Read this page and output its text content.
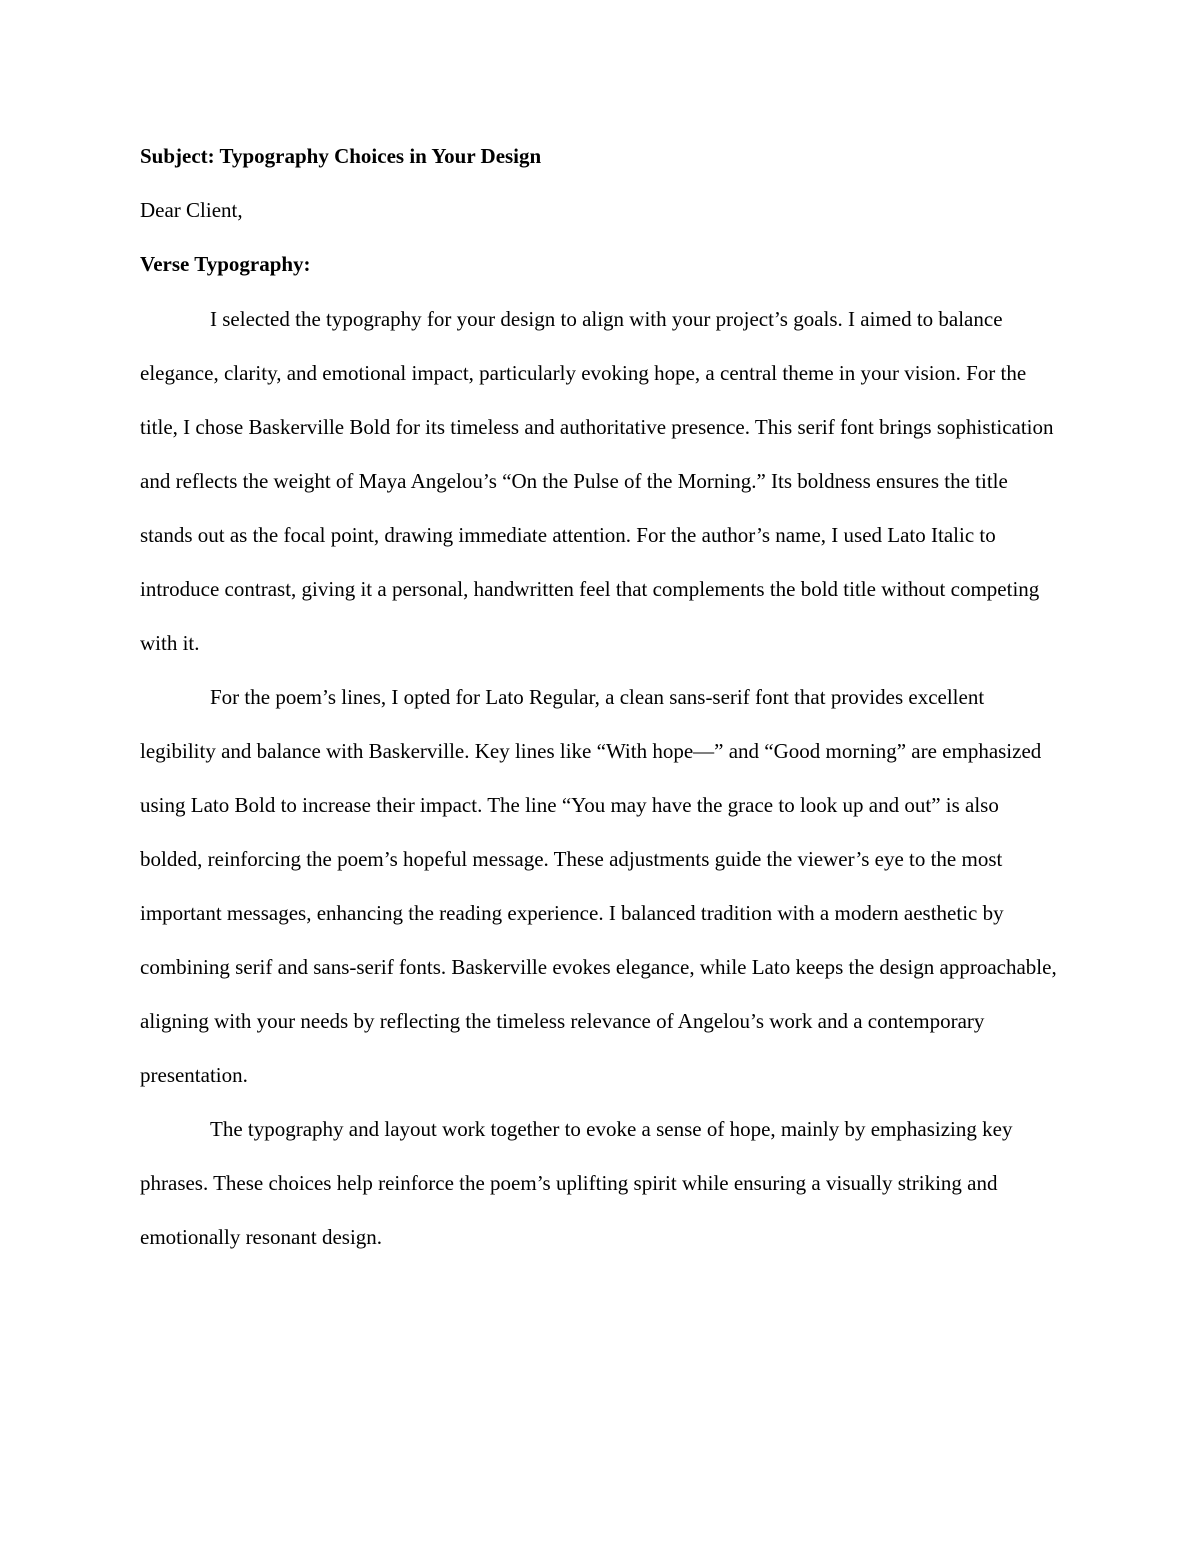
Subject: Typography Choices in Your Design

Dear Client,

Verse Typography:

I selected the typography for your design to align with your project’s goals. I aimed to balance elegance, clarity, and emotional impact, particularly evoking hope, a central theme in your vision. For the title, I chose Baskerville Bold for its timeless and authoritative presence. This serif font brings sophistication and reflects the weight of Maya Angelou’s “On the Pulse of the Morning.” Its boldness ensures the title stands out as the focal point, drawing immediate attention. For the author’s name, I used Lato Italic to introduce contrast, giving it a personal, handwritten feel that complements the bold title without competing with it.

For the poem’s lines, I opted for Lato Regular, a clean sans-serif font that provides excellent legibility and balance with Baskerville. Key lines like “With hope—” and “Good morning” are emphasized using Lato Bold to increase their impact. The line “You may have the grace to look up and out” is also bolded, reinforcing the poem’s hopeful message. These adjustments guide the viewer’s eye to the most important messages, enhancing the reading experience. I balanced tradition with a modern aesthetic by combining serif and sans-serif fonts. Baskerville evokes elegance, while Lato keeps the design approachable, aligning with your needs by reflecting the timeless relevance of Angelou’s work and a contemporary presentation.

The typography and layout work together to evoke a sense of hope, mainly by emphasizing key phrases. These choices help reinforce the poem’s uplifting spirit while ensuring a visually striking and emotionally resonant design.
